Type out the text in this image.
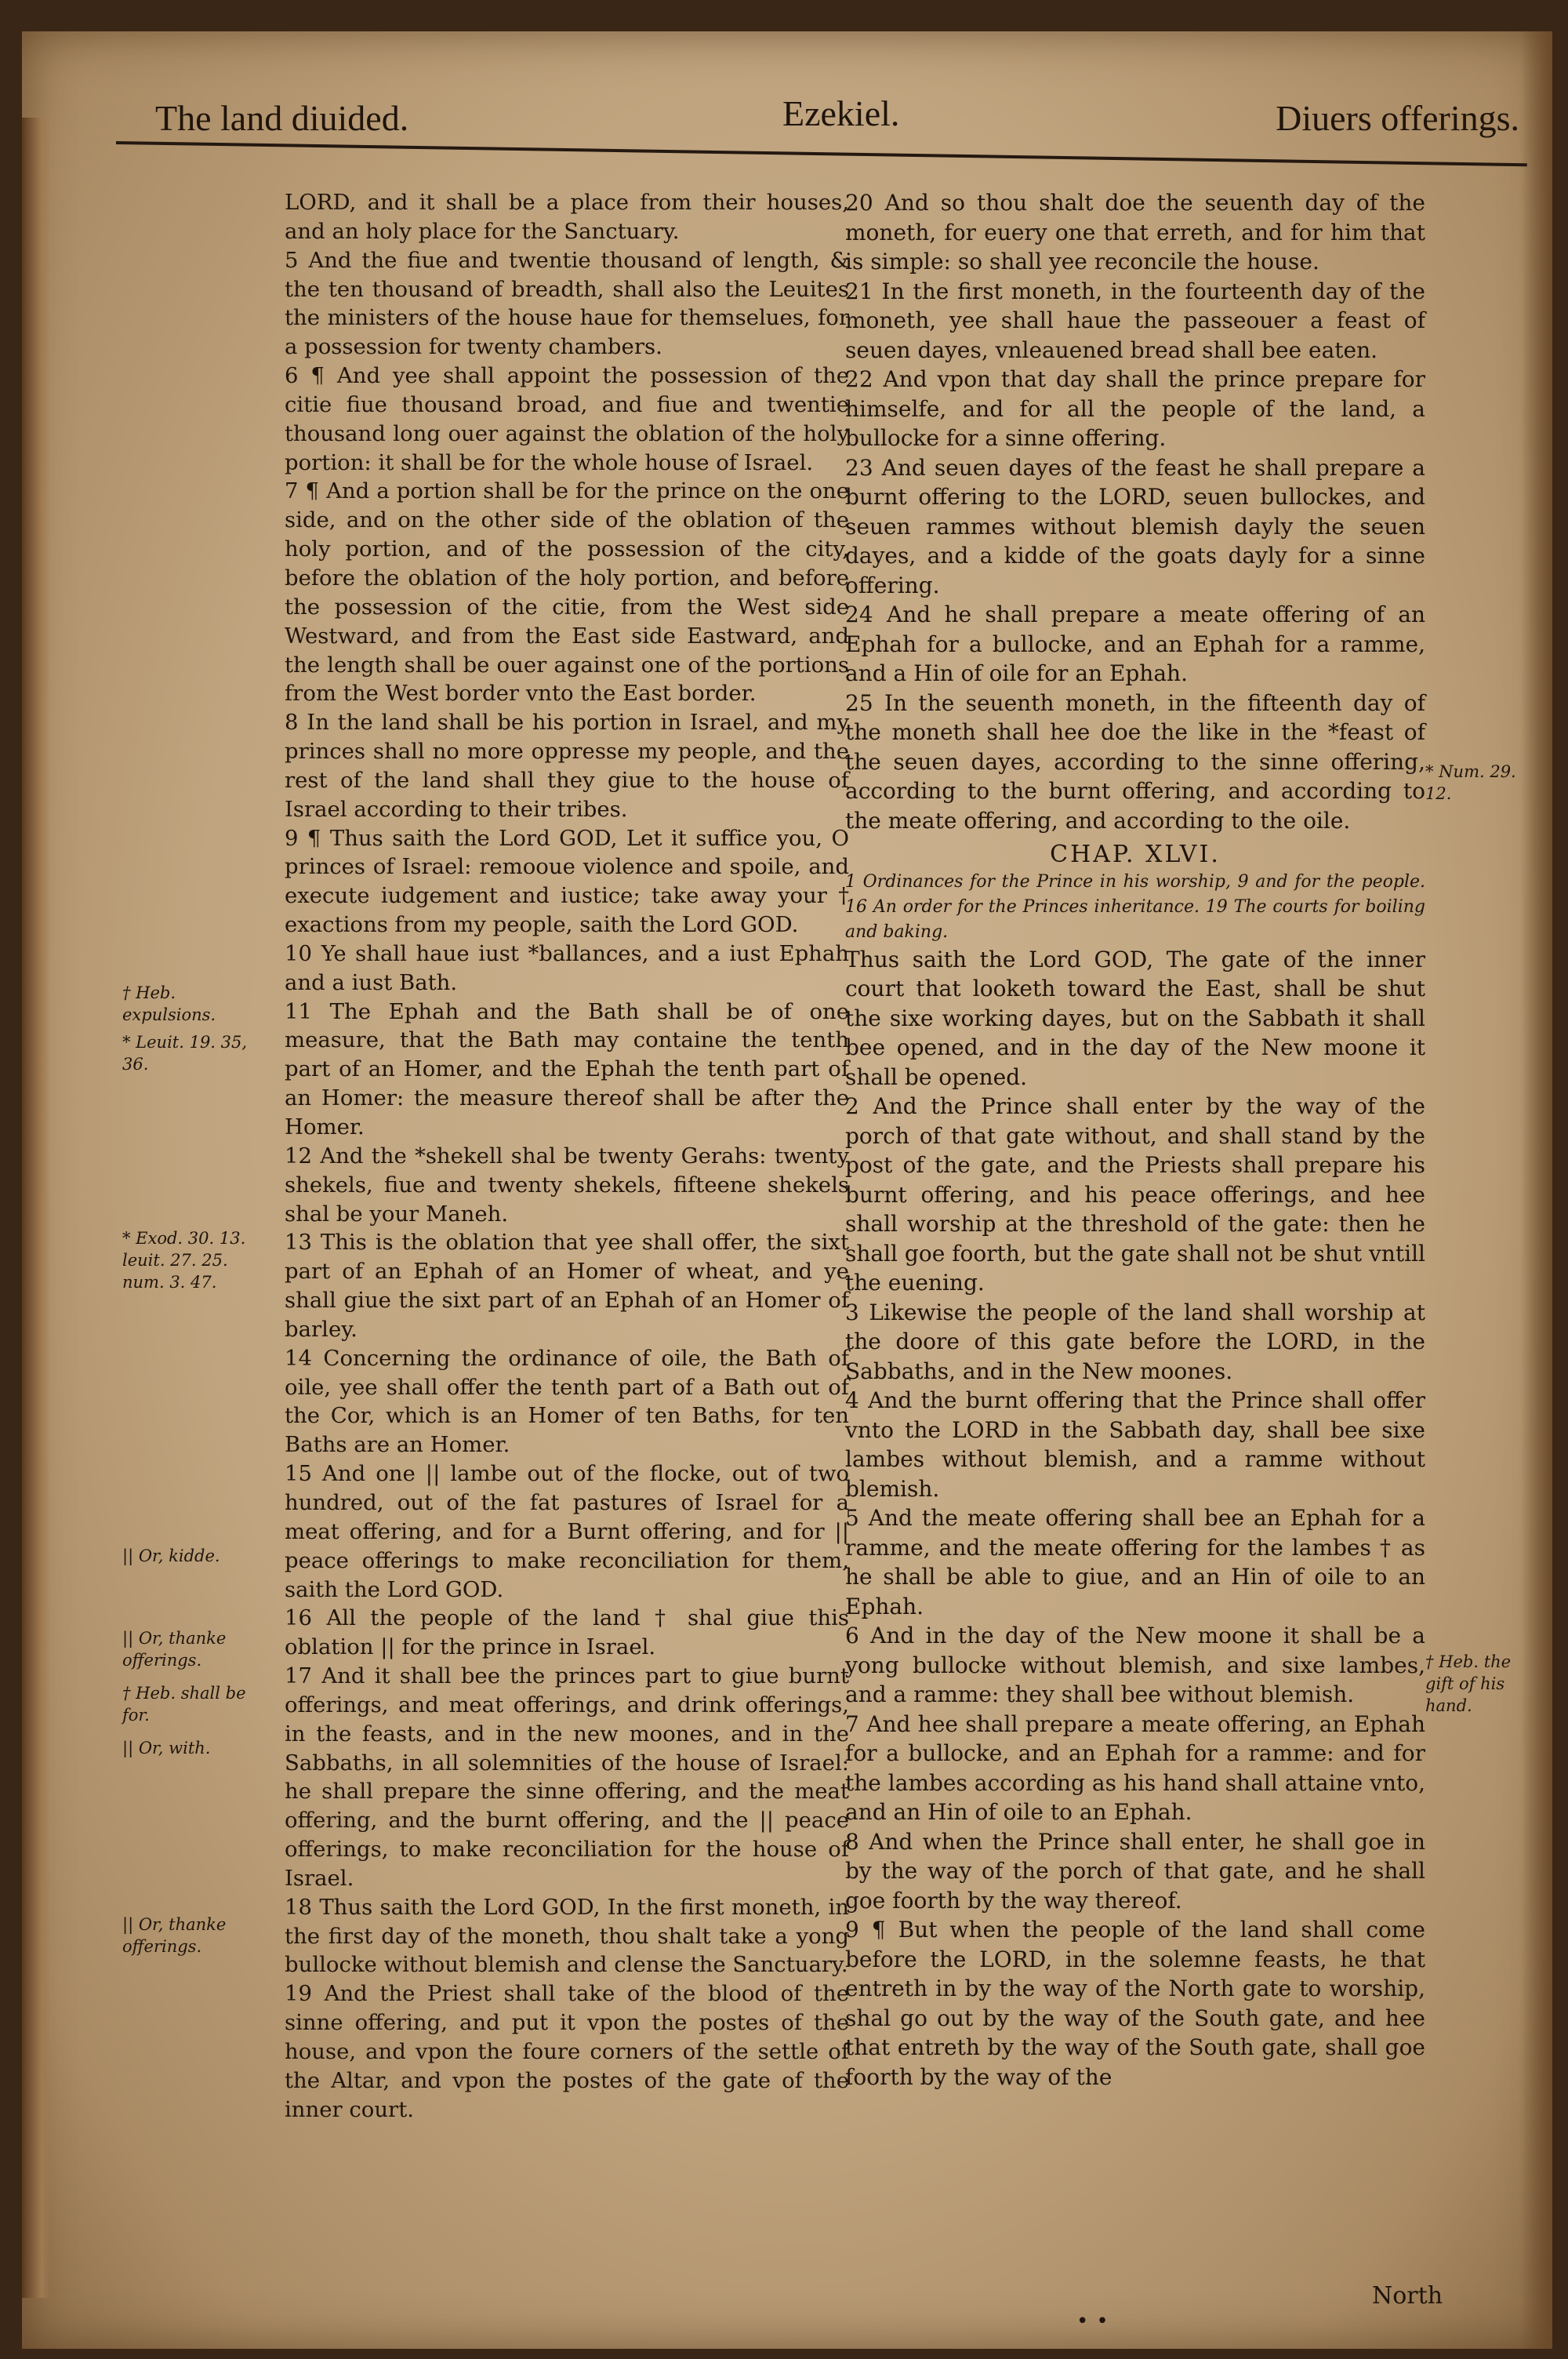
The land diuided.	Ezekiel.	Diuers offerings.
† Heb. expulsions.
* Leuit. 19. 35, 36.
* Exod. 30. 13. leuit. 27. 25. num. 3. 47.
|| Or, kidde.
|| Or, thanke offerings.
† Heb. shall be for.
|| Or, with.
|| Or, thanke offerings.
* Num. 29. 12.
† Heb. the gift of his hand.

LORD, and it shall be a place from their houses, and an holy place for the Sanctuary.

5 And the fiue and twentie thousand of length, & the ten thousand of breadth, shall also the Leuites the ministers of the house haue for themselues, for a possession for twenty chambers.

6 ¶ And yee shall appoint the possession of the citie fiue thousand broad, and fiue and twentie thousand long ouer against the oblation of the holy portion: it shall be for the whole house of Israel.

7 ¶ And a portion shall be for the prince on the one side, and on the other side of the oblation of the holy portion, and of the possession of the city, before the oblation of the holy portion, and before the possession of the citie, from the West side Westward, and from the East side Eastward, and the length shall be ouer against one of the portions from the West border vnto the East border.

8 In the land shall be his portion in Israel, and my princes shall no more oppresse my people, and the rest of the land shall they giue to the house of Israel according to their tribes.

9 ¶ Thus saith the Lord GOD, Let it suffice you, O princes of Israel: remooue violence and spoile, and execute iudgement and iustice; take away your † exactions from my people, saith the Lord GOD.

10 Ye shall haue iust *ballances, and a iust Ephah and a iust Bath.

11 The Ephah and the Bath shall be of one measure, that the Bath may containe the tenth part of an Homer, and the Ephah the tenth part of an Homer: the measure thereof shall be after the Homer.

12 And the *shekell shal be twenty Gerahs: twenty shekels, fiue and twenty shekels, fifteene shekels shal be your Maneh.

13 This is the oblation that yee shall offer, the sixt part of an Ephah of an Homer of wheat, and ye shall giue the sixt part of an Ephah of an Homer of barley.

14 Concerning the ordinance of oile, the Bath of oile, yee shall offer the tenth part of a Bath out of the Cor, which is an Homer of ten Baths, for ten Baths are an Homer.

15 And one || lambe out of the flocke, out of two hundred, out of the fat pastures of Israel for a meat offering, and for a Burnt offering, and for || peace offerings to make reconciliation for them, saith the Lord GOD.

16 All the people of the land † shal giue this oblation || for the prince in Israel.

17 And it shall bee the princes part to giue burnt offerings, and meat offerings, and drink offerings, in the feasts, and in the new moones, and in the Sabbaths, in all solemnities of the house of Israel: he shall prepare the sinne offering, and the meat offering, and the burnt offering, and the || peace offerings, to make reconciliation for the house of Israel.

18 Thus saith the Lord GOD, In the first moneth, in the first day of the moneth, thou shalt take a yong bullocke without blemish and clense the Sanctuary.

19 And the Priest shall take of the blood of the sinne offering, and put it vpon the postes of the house, and vpon the foure corners of the settle of the Altar, and vpon the postes of the gate of the inner court.

20 And so thou shalt doe the seuenth day of the moneth, for euery one that erreth, and for him that is simple: so shall yee reconcile the house.

21 In the first moneth, in the fourteenth day of the moneth, yee shall haue the passeouer a feast of seuen dayes, vnleauened bread shall bee eaten.

22 And vpon that day shall the prince prepare for himselfe, and for all the people of the land, a bullocke for a sinne offering.

23 And seuen dayes of the feast he shall prepare a burnt offering to the LORD, seuen bullockes, and seuen rammes without blemish dayly the seuen dayes, and a kidde of the goats dayly for a sinne offering.

24 And he shall prepare a meate offering of an Ephah for a bullocke, and an Ephah for a ramme, and a Hin of oile for an Ephah.

25 In the seuenth moneth, in the fifteenth day of the moneth shall hee doe the like in the *feast of the seuen dayes, according to the sinne offering, according to the burnt offering, and according to the meate offering, and according to the oile.

CHAP. XLVI.

1 Ordinances for the Prince in his worship, 9 and for the people. 16 An order for the Princes inheritance. 19 The courts for boiling and baking.

Thus saith the Lord GOD, The gate of the inner court that looketh toward the East, shall be shut the sixe working dayes, but on the Sabbath it shall bee opened, and in the day of the New moone it shall be opened.

2 And the Prince shall enter by the way of the porch of that gate without, and shall stand by the post of the gate, and the Priests shall prepare his burnt offering, and his peace offerings, and hee shall worship at the threshold of the gate: then he shall goe foorth, but the gate shall not be shut vntill the euening.

3 Likewise the people of the land shall worship at the doore of this gate before the LORD, in the Sabbaths, and in the New moones.

4 And the burnt offering that the Prince shall offer vnto the LORD in the Sabbath day, shall bee sixe lambes without blemish, and a ramme without blemish.

5 And the meate offering shall bee an Ephah for a ramme, and the meate offering for the lambes † as he shall be able to giue, and an Hin of oile to an Ephah.

6 And in the day of the New moone it shall be a yong bullocke without blemish, and sixe lambes, and a ramme: they shall bee without blemish.

7 And hee shall prepare a meate offering, an Ephah for a bullocke, and an Ephah for a ramme: and for the lambes according as his hand shall attaine vnto, and an Hin of oile to an Ephah.

8 And when the Prince shall enter, he shall goe in by the way of the porch of that gate, and he shall goe foorth by the way thereof.

9 ¶ But when the people of the land shall come before the LORD, in the solemne feasts, he that entreth in by the way of the North gate to worship, shal go out by the way of the South gate, and hee that entreth by the way of the South gate, shall goe foorth by the way of the

North
••
